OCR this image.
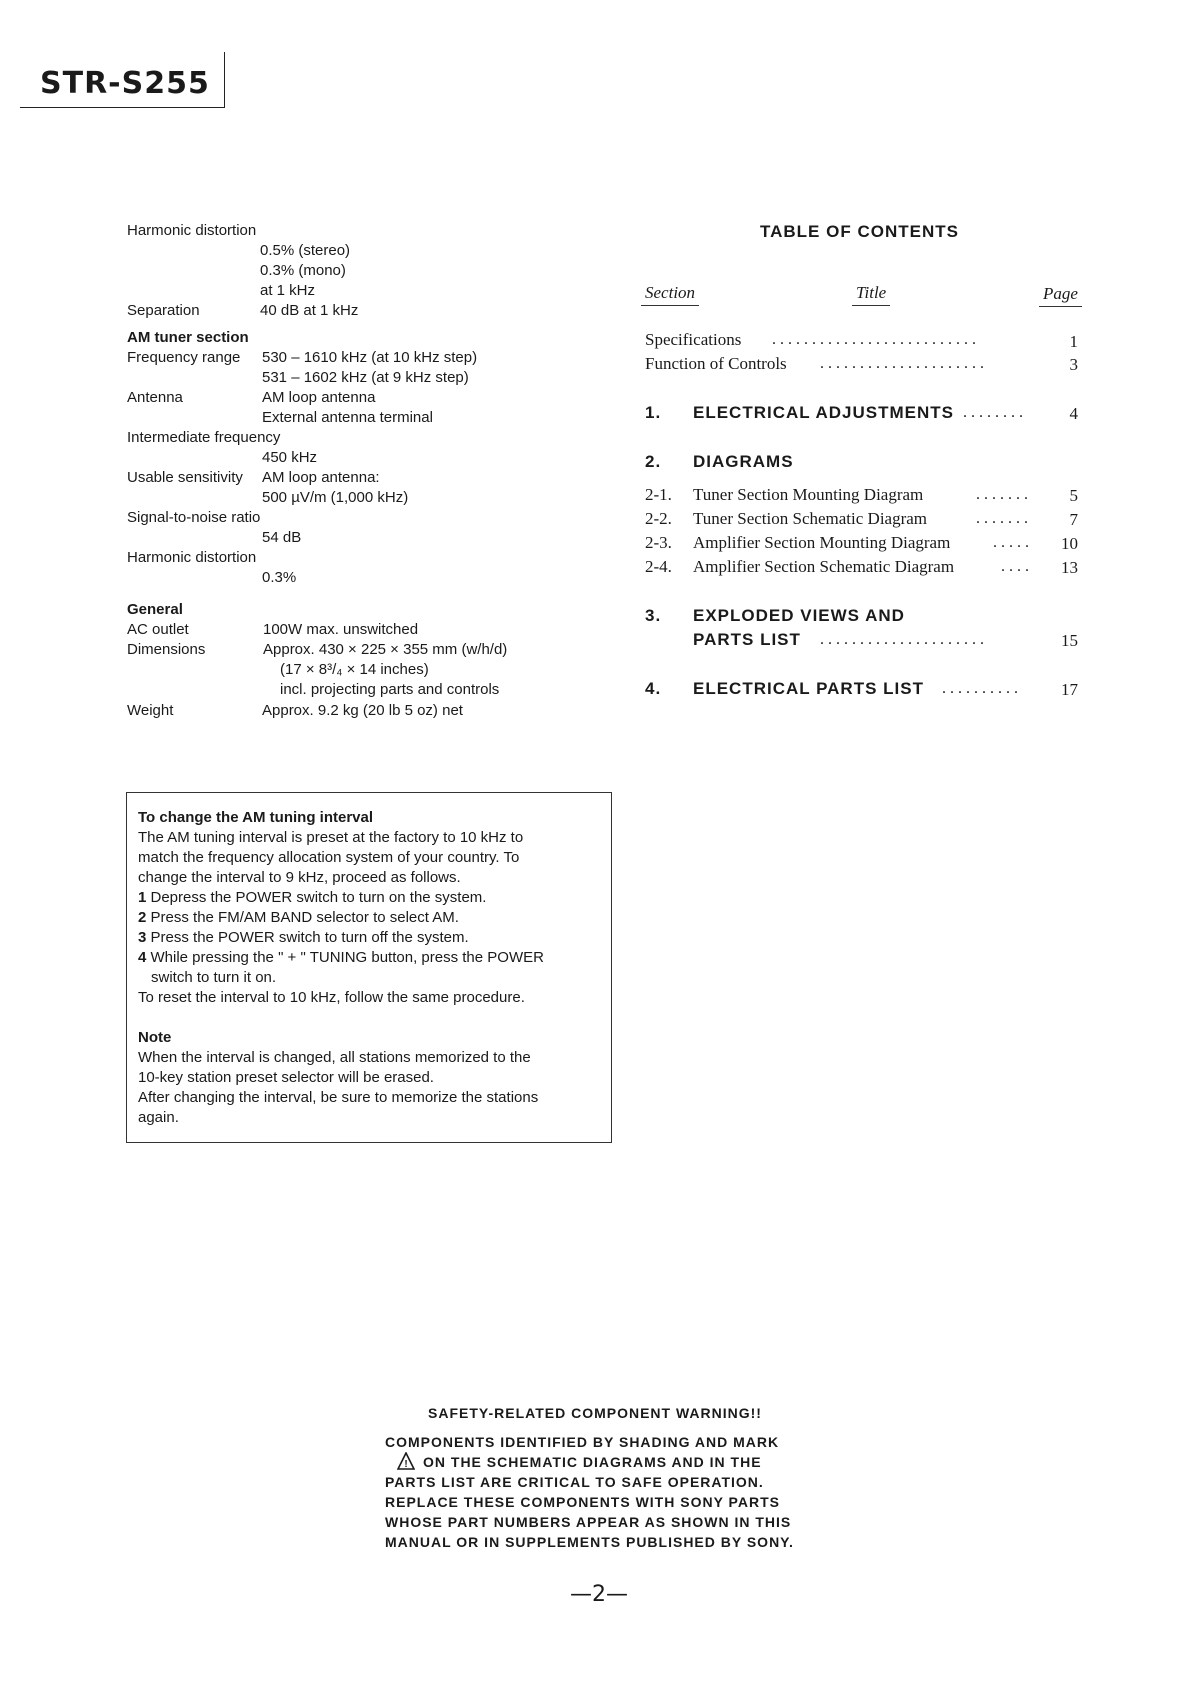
STR-S255
Harmonic distortion
0.5% (stereo)
0.3% (mono)
at 1 kHz
Separation	40 dB at 1 kHz
AM tuner section
Frequency range 530 – 1610 kHz (at 10 kHz step)
531 – 1602 kHz (at 9 kHz step)
Antenna	AM loop antenna
External antenna terminal
Intermediate frequency
450 kHz
Usable sensitivity AM loop antenna:
500 µV/m (1,000 kHz)
Signal-to-noise ratio
54 dB
Harmonic distortion
0.3%
General
AC outlet	100W max. unswitched
Dimensions	Approx. 430 × 225 × 355 mm (w/h/d)
(17 × 8³/₄ × 14 inches)
incl. projecting parts and controls
Weight	Approx. 9.2 kg (20 lb 5 oz) net
TABLE OF CONTENTS
Section	Title	Page
Specifications ..........................	1
Function of Controls .....................	3
1. ELECTRICAL ADJUSTMENTS ........	4
2. DIAGRAMS
2-1. Tuner Section Mounting Diagram	.......	5
2-2. Tuner Section Schematic Diagram	.......	7
2-3. Amplifier Section Mounting Diagram	.....	10
2-4. Amplifier Section Schematic Diagram	....	13
3. EXPLODED VIEWS AND
PARTS LIST .....................	15
4. ELECTRICAL PARTS LIST ..........	17
To change the AM tuning interval
The AM tuning interval is preset at the factory to 10 kHz to
match the frequency allocation system of your country. To
change the interval to 9 kHz, proceed as follows.
1 Depress the POWER switch to turn on the system.
2 Press the FM/AM BAND selector to select AM.
3 Press the POWER switch to turn off the system.
4 While pressing the " + " TUNING button, press the POWER
switch to turn it on.
To reset the interval to 10 kHz, follow the same procedure.
Note
When the interval is changed, all stations memorized to the
10-key station preset selector will be erased.
After changing the interval, be sure to memorize the stations
again.
SAFETY-RELATED COMPONENT WARNING!!
COMPONENTS IDENTIFIED BY SHADING AND MARK
! ON THE SCHEMATIC DIAGRAMS AND IN THE
PARTS LIST ARE CRITICAL TO SAFE OPERATION.
REPLACE THESE COMPONENTS WITH SONY PARTS
WHOSE PART NUMBERS APPEAR AS SHOWN IN THIS
MANUAL OR IN SUPPLEMENTS PUBLISHED BY SONY.
—2—
